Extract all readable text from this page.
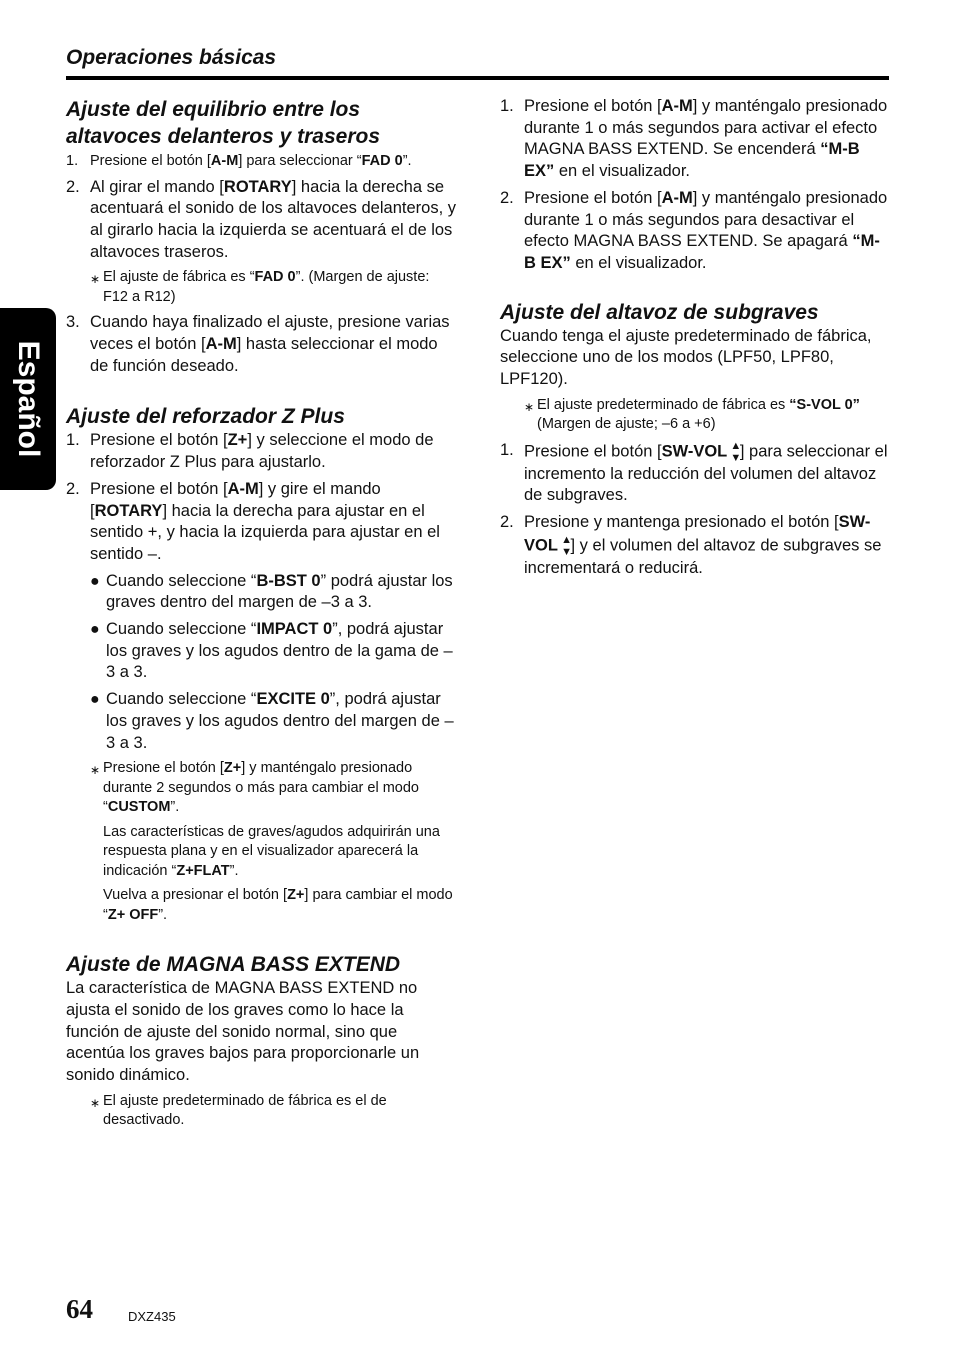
Operaciones básicas
Español
Ajuste del equilibrio entre los altavoces delanteros y traseros
1. Presione el botón [A-M] para seleccionar “FAD 0”.
2. Al girar el mando [ROTARY] hacia la derecha se acentuará el sonido de los altavoces delanteros, y al girarlo hacia la izquierda se acentuará el de los altavoces traseros.
∗ El ajuste de fábrica es “FAD 0”. (Margen de ajuste: F12 a R12)
3. Cuando haya finalizado el ajuste, presione varias veces el botón [A-M] hasta seleccionar el modo de función deseado.
Ajuste del reforzador Z Plus
1. Presione el botón [Z+] y seleccione el modo de reforzador Z Plus para ajustarlo.
2. Presione el botón [A-M] y gire el mando [ROTARY] hacia la derecha para ajustar en el sentido +, y hacia la izquierda para ajustar en el sentido –.
● Cuando seleccione “B-BST 0” podrá ajustar los graves dentro del margen de –3 a 3.
● Cuando seleccione “IMPACT 0”, podrá ajustar los graves y los agudos dentro de la gama de –3 a 3.
● Cuando seleccione “EXCITE 0”, podrá ajustar los graves y los agudos dentro del margen de –3 a 3.
∗ Presione el botón [Z+] y manténgalo presionado durante 2 segundos o más para cambiar el modo “CUSTOM”.
Las características de graves/agudos adquirirán una respuesta plana y en el visualizador aparecerá la indicación “Z+FLAT”.
Vuelva a presionar el botón [Z+] para cambiar el modo “Z+ OFF”.
Ajuste de MAGNA BASS EXTEND

La característica de MAGNA BASS EXTEND no ajusta el sonido de los graves como lo hace la función de ajuste del sonido normal, sino que acentúa los graves bajos para proporcionarle un sonido dinámico.

∗ El ajuste predeterminado de fábrica es el de desactivado.
1. Presione el botón [A-M] y manténgalo presionado durante 1 o más segundos para activar el efecto MAGNA BASS EXTEND. Se encenderá “M-B EX” en el visualizador.
2. Presione el botón [A-M] y manténgalo presionado durante 1 o más segundos para desactivar el efecto MAGNA BASS EXTEND. Se apagará “M-B EX” en el visualizador.
Ajuste del altavoz de subgraves

Cuando tenga el ajuste predeterminado de fábrica, seleccione uno de los modos (LPF50, LPF80, LPF120).

∗ El ajuste predeterminado de fábrica es “S-VOL 0” (Margen de ajuste; –6 a +6)
1. Presione el botón [SW-VOL ▲▼] para seleccionar el incremento la reducción del volumen del altavoz de subgraves.
2. Presione y mantenga presionado el botón [SW-VOL ▲▼] y el volumen del altavoz de subgraves se incrementará o reducirá.
64	DXZ435
